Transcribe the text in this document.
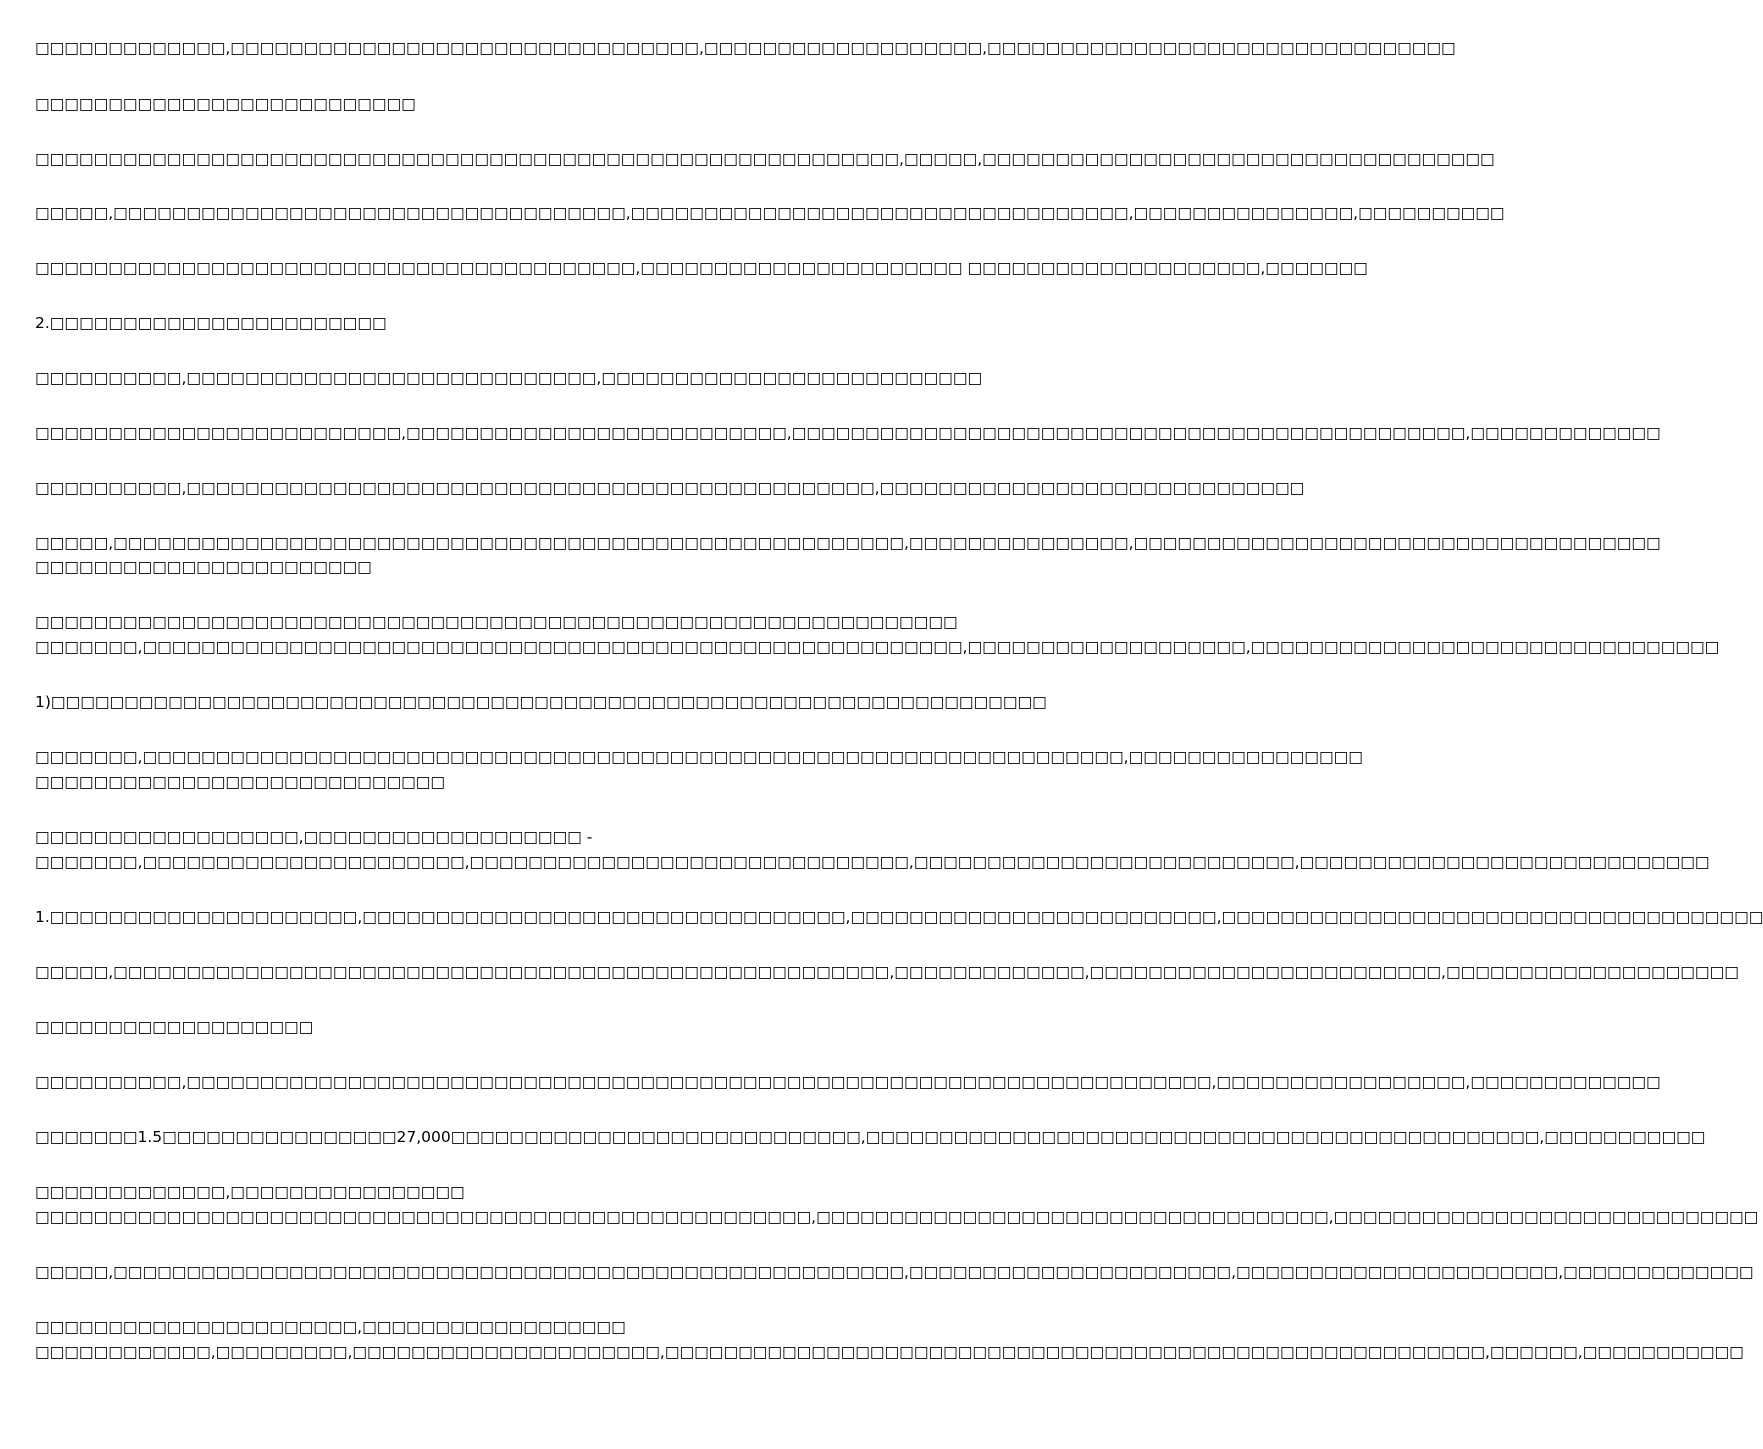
□□□□□□□□□□□□□,□□□□□□□□□□□□□□□□□□□□□□□□□□□□□□□□,□□□□□□□□□□□□□□□□□□□,□□□□□□□□□□□□□□□□□□□□□□□□□□□□□□□□
□□□□□□□□□□□□□□□□□□□□□□□□□□
□□□□□□□□□□□□□□□□□□□□□□□□□□□□□□□□□□□□□□□□□□□□□□□□□□□□□□□□□□□,□□□□□,□□□□□□□□□□□□□□□□□□□□□□□□□□□□□□□□□□□
□□□□□,□□□□□□□□□□□□□□□□□□□□□□□□□□□□□□□□□□□,□□□□□□□□□□□□□□□□□□□□□□□□□□□□□□□□□□,□□□□□□□□□□□□□□□,□□□□□□□□□□
□□□□□□□□□□□□□□□□□□□□□□□□□□□□□□□□□□□□□□□□□,□□□□□□□□□□□□□□□□□□□□□□ □□□□□□□□□□□□□□□□□□□□,□□□□□□□
2.□□□□□□□□□□□□□□□□□□□□□□□
□□□□□□□□□□,□□□□□□□□□□□□□□□□□□□□□□□□□□□□,□□□□□□□□□□□□□□□□□□□□□□□□□□
□□□□□□□□□□□□□□□□□□□□□□□□□,□□□□□□□□□□□□□□□□□□□□□□□□□□,□□□□□□□□□□□□□□□□□□□□□□□□□□□□□□□□□□□□□□□□□□□□□□,□□□□□□□□□□□□□
□□□□□□□□□□,□□□□□□□□□□□□□□□□□□□□□□□□□□□□□□□□□□□□□□□□□□□□□□□,□□□□□□□□□□□□□□□□□□□□□□□□□□□□□
□□□□□,□□□□□□□□□□□□□□□□□□□□□□□□□□□□□□□□□□□□□□□□□□□□□□□□□□□□□□,□□□□□□□□□□□□□□□,□□□□□□□□□□□□□□□□□□□□□□□□□□□□□□□□□□□□
□□□□□□□□□□□□□□□□□□□□□□□
□□□□□□□□□□□□□□□□□□□□□□□□□□□□□□□□□□□□□□□□□□□□□□□□□□□□□□□□□□□□□□□
□□□□□□□,□□□□□□□□□□□□□□□□□□□□□□□□□□□□□□□□□□□□□□□□□□□□□□□□□□□□□□□□,□□□□□□□□□□□□□□□□□□□,□□□□□□□□□□□□□□□□□□□□□□□□□□□□□□□□
1)□□□□□□□□□□□□□□□□□□□□□□□□□□□□□□□□□□□□□□□□□□□□□□□□□□□□□□□□□□□□□□□□□□□□
□□□□□□□,□□□□□□□□□□□□□□□□□□□□□□□□□□□□□□□□□□□□□□□□□□□□□□□□□□□□□□□□□□□□□□□□□□□,□□□□□□□□□□□□□□□□
□□□□□□□□□□□□□□□□□□□□□□□□□□□□
□□□□□□□□□□□□□□□□□□,□□□□□□□□□□□□□□□□□□□ -
□□□□□□□,□□□□□□□□□□□□□□□□□□□□□□,□□□□□□□□□□□□□□□□□□□□□□□□□□□□□□,□□□□□□□□□□□□□□□□□□□□□□□□□□,□□□□□□□□□□□□□□□□□□□□□□□□□□□□
1.□□□□□□□□□□□□□□□□□□□□□,□□□□□□□□□□□□□□□□□□□□□□□□□□□□□□□□□,□□□□□□□□□□□□□□□□□□□□□□□□□,□□□□□□□□□□□□□□□□□□□□□□□□□□□□□□□□□□□□□
□□□□□,□□□□□□□□□□□□□□□□□□□□□□□□□□□□□□□□□□□□□□□□□□□□□□□□□□□□□,□□□□□□□□□□□□□,□□□□□□□□□□□□□□□□□□□□□□□□,□□□□□□□□□□□□□□□□□□□□
□□□□□□□□□□□□□□□□□□□
□□□□□□□□□□,□□□□□□□□□□□□□□□□□□□□□□□□□□□□□□□□□□□□□□□□□□□□□□□□□□□□□□□□□□□□□□□□□□□□□□,□□□□□□□□□□□□□□□□□,□□□□□□□□□□□□□
□□□□□□□1.5□□□□□□□□□□□□□□□□27,000□□□□□□□□□□□□□□□□□□□□□□□□□□□□,□□□□□□□□□□□□□□□□□□□□□□□□□□□□□□□□□□□□□□□□□□□□□□,□□□□□□□□□□□
□□□□□□□□□□□□□,□□□□□□□□□□□□□□□□
□□□□□□□□□□□□□□□□□□□□□□□□□□□□□□□□□□□□□□□□□□□□□□□□□□□□□,□□□□□□□□□□□□□□□□□□□□□□□□□□□□□□□□□□□,□□□□□□□□□□□□□□□□□□□□□□□□□□□□□
□□□□□,□□□□□□□□□□□□□□□□□□□□□□□□□□□□□□□□□□□□□□□□□□□□□□□□□□□□□□,□□□□□□□□□□□□□□□□□□□□□□,□□□□□□□□□□□□□□□□□□□□□□,□□□□□□□□□□□□□
□□□□□□□□□□□□□□□□□□□□□□,□□□□□□□□□□□□□□□□□□
□□□□□□□□□□□□,□□□□□□□□□,□□□□□□□□□□□□□□□□□□□□□,□□□□□□□□□□□□□□□□□□□□□□□□□□□□□□□□□□□□□□□□□□□□□□□□□□□□□□□□,□□□□□□,□□□□□□□□□□□
